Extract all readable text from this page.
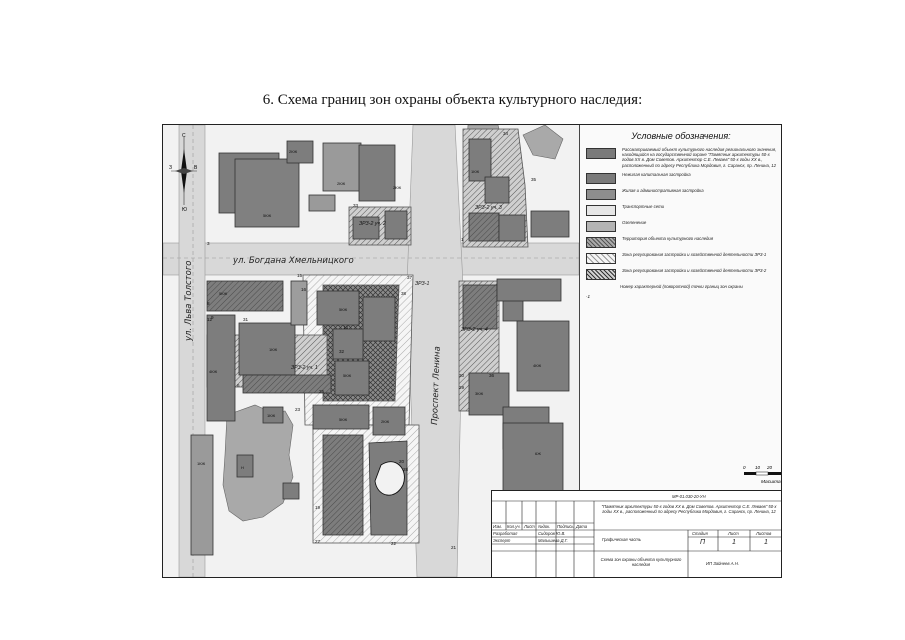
6. Схема границ зон охраны объекта культурного наследия:
5КЖ
2КЖ
2КЖ
2КЖ
1КЖ
5КЖ
4КЖ
1КЖ
5КЖ
5КЖ
5КЖ	2КЖ
1КЖ
3КЖ
4КЖ
6Ж
1КЖ
Н
ул. Богдана Хмельницкого
ул. Льва Толстого
Проспект Ленина
ЗРЗ-2 уч. 2
ЗРЗ-2 уч. 3
ЗРЗ-1
ЗРЗ-2 уч. 4
ЗРЗ-2 уч. 1
34
35
1
33
3
37
15
16
38
8
9	31
14
32
30	36
6
25
23
29
20
28
19
27	22
21
12
С
Ю
З	В
Условные обозначения:
Рассматриваемый объект культурного наследия регионального значения, находящийся на государственной охране "Памятник архитектуры 50-х годов XX в. Дом Советов. Архитектор С.Е. Леваев" 50-х годы XX в., расположенный по адресу Республика Мордовия, г. Саранск, пр. Ленина, 12
Нежилая капитальная застройка
Жилая и административная застройка
Транспортные сети
Озеленение
Территория объекта культурного наследия
Зона регулирования застройки и хозяйственной деятельности ЗРЗ-1
Зона регулирования застройки и хозяйственной деятельности ЗРЗ-2
·1
Номер характерной (поворотной) точки границ зон охраны
0 10 20	40м
Масштаб 1:1000
МР-01.030-20-УН
"Памятник архитектуры 50-х годов XX в. Дом Советов. Архитектор С.Е. Леваев" 50-х годы XX в., расположенный по адресу Республика Мордовия, г. Саранск, пр. Ленина, 12
Изм. Кол.уч. Лист №док. Подпись Дата
Разработал	Сидоров Ю.В.
Эксперт	Малышева Д.Г.	Графическая часть
Стадия	Лист	Листов
П	1	1
Схема зон охраны объекта культурного наследия	ИП Зайнеев А.Н.
